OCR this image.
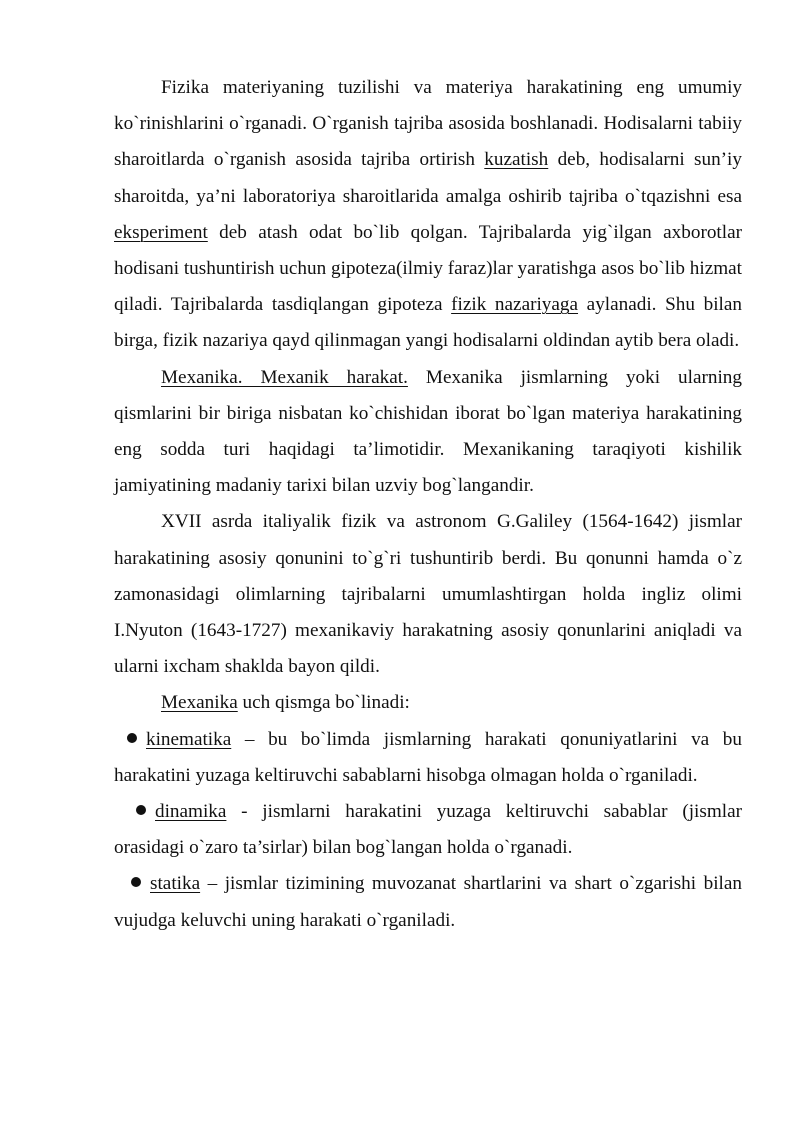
Fizika materiyaning tuzilishi va materiya harakatining eng umumiy ko`rinishlarini o`rganadi. O`rganish tajriba asosida boshlanadi. Hodisalarni tabiiy sharoitlarda o`rganish asosida tajriba ortirish kuzatish deb, hodisalarni sun’iy sharoitda, ya’ni laboratoriya sharoitlarida amalga oshirib tajriba o`tqazishni esa eksperiment deb atash odat bo`lib qolgan. Tajribalarda yig`ilgan axborotlar hodisani tushuntirish uchun gipoteza(ilmiy faraz)lar yaratishga asos bo`lib hizmat qiladi. Tajribalarda tasdiqlangan gipoteza fizik nazariyaga aylanadi. Shu bilan birga, fizik nazariya qayd qilinmagan yangi hodisalarni oldindan aytib bera oladi.

Mexanika. Mexanik harakat. Mexanika jismlarning yoki ularning qismlarini bir biriga nisbatan ko`chishidan iborat bo`lgan materiya harakatining eng sodda turi haqidagi ta’limotidir. Mexanikaning taraqiyoti kishilik jamiyatining madaniy tarixi bilan uzviy bog`langandir.

XVII asrda italiyalik fizik va astronom G.Galiley (1564-1642) jismlar harakatining asosiy qonunini to`g`ri tushuntirib berdi. Bu qonunni hamda o`z zamonasidagi olimlarning tajribalarni umumlashtirgan holda ingliz olimi I.Nyuton (1643-1727) mexanikaviy harakatning asosiy qonunlarini aniqladi va ularni ixcham shaklda bayon qildi.

Mexanika uch qismga bo`linadi:

kinematika – bu bo`limda jismlarning harakati qonuniyatlarini va bu harakatini yuzaga keltiruvchi sabablarni hisobga olmagan holda o`rganiladi.

dinamika - jismlarni harakatini yuzaga keltiruvchi sabablar (jismlar orasidagi o`zaro ta’sirlar) bilan bog`langan holda o`rganadi.

statika – jismlar tizimining muvozanat shartlarini va shart o`zgarishi bilan vujudga keluvchi uning harakati o`rganiladi.
